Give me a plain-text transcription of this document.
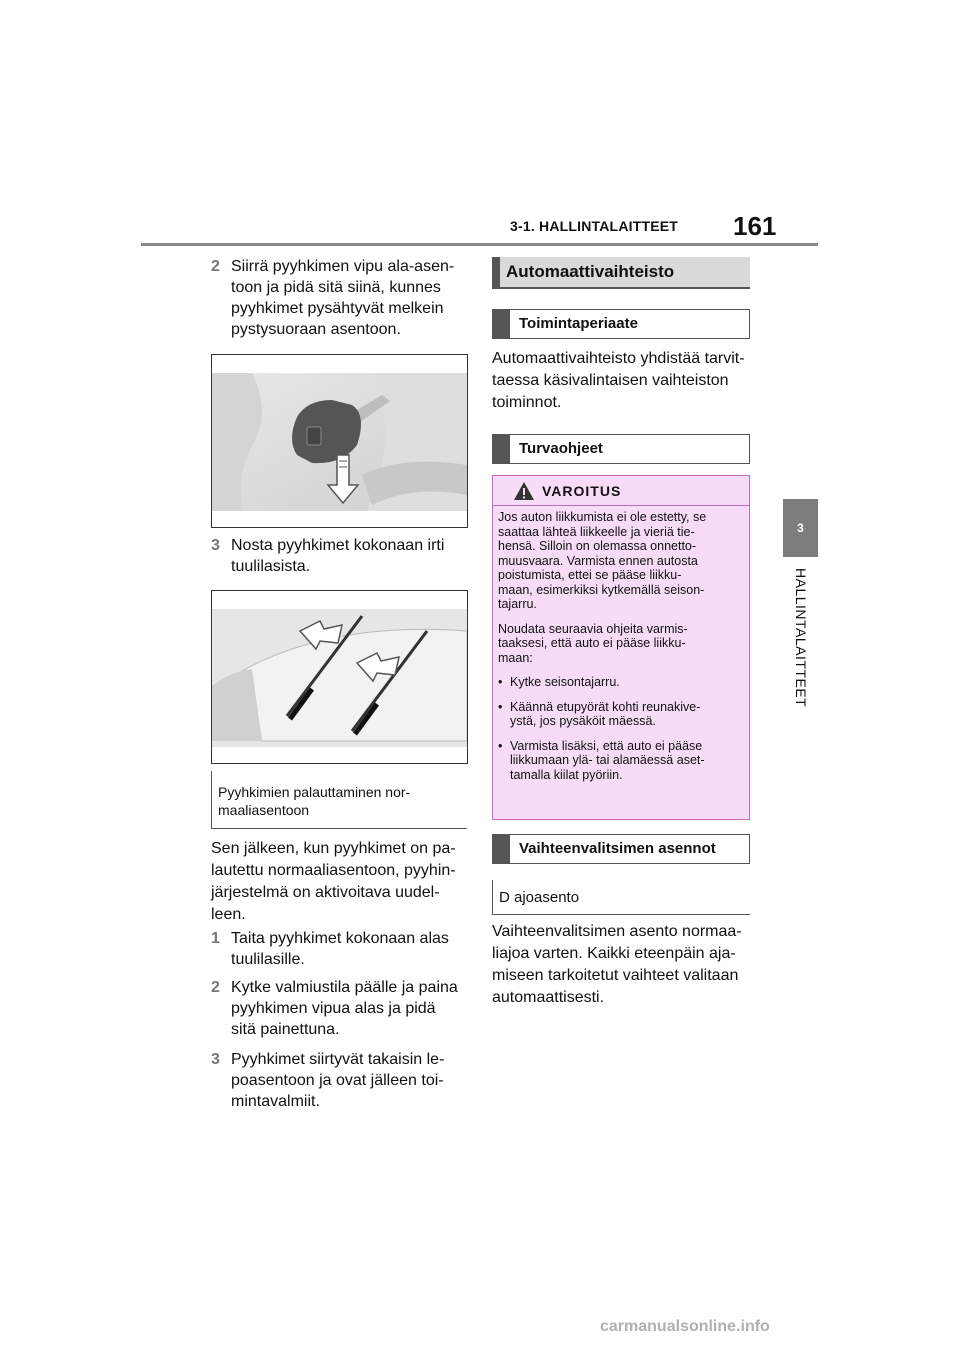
3-1. HALLINTALAITTEET 161
3
HALLINTALAITTEET
2 Siirrä pyyhkimen vipu ala-asen-
toon ja pidä sitä siinä, kunnes
pyyhkimet pysähtyvät melkein
pystysuoraan asentoon.
3 Nosta pyyhkimet kokonaan irti
tuulilasista.
Pyyhkimien palauttaminen nor-
maaliasentoon
Sen jälkeen, kun pyyhkimet on pa-
lautettu normaaliasentoon, pyyhin-
järjestelmä on aktivoitava uudel-
leen.
1 Taita pyyhkimet kokonaan alas
tuulilasille.
2 Kytke valmiustila päälle ja paina
pyyhkimen vipua alas ja pidä
sitä painettuna.
3 Pyyhkimet siirtyvät takaisin le-
poasentoon ja ovat jälleen toi-
mintavalmiit.
Automaattivaihteisto
Toimintaperiaate
Automaattivaihteisto yhdistää tarvit-
taessa käsivalintaisen vaihteiston
toiminnot.
Turvaohjeet
VAROITUS

Jos auton liikkumista ei ole estetty, se
saattaa lähteä liikkeelle ja vieriä tie-
hensä. Silloin on olemassa onnetto-
muusvaara. Varmista ennen autosta
poistumista, ettei se pääse liikku-
maan, esimerkiksi kytkemällä seison-
tajarru.

Noudata seuraavia ohjeita varmis-
taaksesi, että auto ei pääse liikku-
maan:

• Kytke seisontajarru.
• Käännä etupyörät kohti reunakive-
ystä, jos pysäköit mäessä.
• Varmista lisäksi, että auto ei pääse
liikkumaan ylä- tai alamäessä aset-
tamalla kiilat pyöriin.
Vaihteenvalitsimen asennot
D ajoasento
Vaihteenvalitsimen asento normaa-
liajoa varten. Kaikki eteenpäin aja-
miseen tarkoitetut vaihteet valitaan
automaattisesti.
carmanualsonline.info
